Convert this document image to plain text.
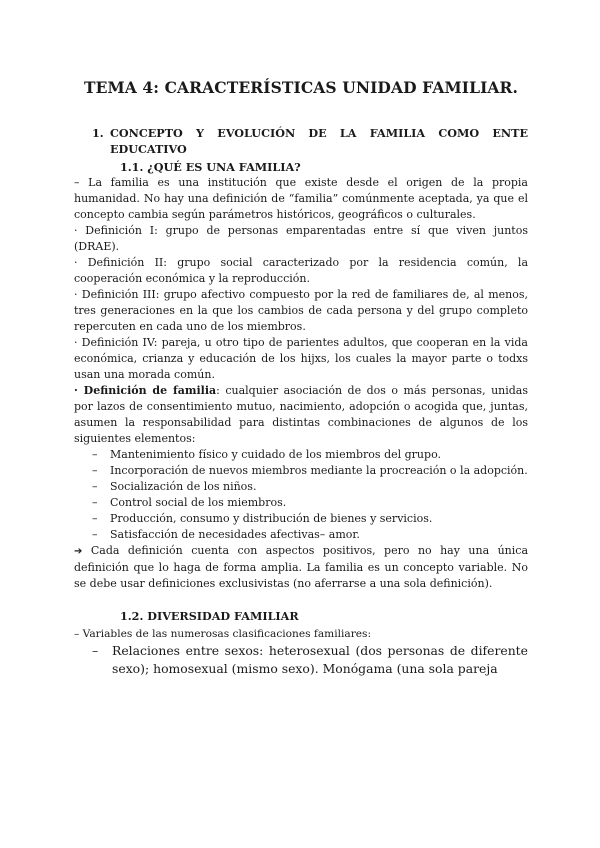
TEMA 4: CARACTERÍSTICAS UNIDAD FAMILIAR.
1. CONCEPTO Y EVOLUCIÓN DE LA FAMILIA COMO ENTE EDUCATIVO
1.1. ¿QUÉ ES UNA FAMILIA?

– La familia es una institución que existe desde el origen de la propia humanidad. No hay una definición de “familia” comúnmente aceptada, ya que el concepto cambia según parámetros históricos, geográficos o culturales.

· Definición I: grupo de personas emparentadas entre sí que viven juntos (DRAE).

· Definición II: grupo social caracterizado por la residencia común, la cooperación económica y la reproducción.

· Definición III: grupo afectivo compuesto por la red de familiares de, al menos, tres generaciones en la que los cambios de cada persona y del grupo completo repercuten en cada uno de los miembros.

· Definición IV: pareja, u otro tipo de parientes adultos, que cooperan en la vida económica, crianza y educación de los hijxs, los cuales la mayor parte o todxs usan una morada común.

· Definición de familia: cualquier asociación de dos o más personas, unidas por lazos de consentimiento mutuo, nacimiento, adopción o acogida que, juntas, asumen la responsabilidad para distintas combinaciones de algunos de los siguientes elementos:

– Mantenimiento físico y cuidado de los miembros del grupo.
– Incorporación de nuevos miembros mediante la procreación o la adopción.
– Socialización de los niños.
– Control social de los miembros.
– Producción, consumo y distribución de bienes y servicios.
– Satisfacción de necesidades afectivas– amor.

➔ Cada definición cuenta con aspectos positivos, pero no hay una única definición que lo haga de forma amplia. La familia es un concepto variable. No se debe usar definiciones exclusivistas (no aferrarse a una sola definición).

1.2. DIVERSIDAD FAMILIAR

– Variables de las numerosas clasificaciones familiares:

– Relaciones entre sexos: heterosexual (dos personas de diferente sexo); homosexual (mismo sexo). Monógama (una sola pareja
